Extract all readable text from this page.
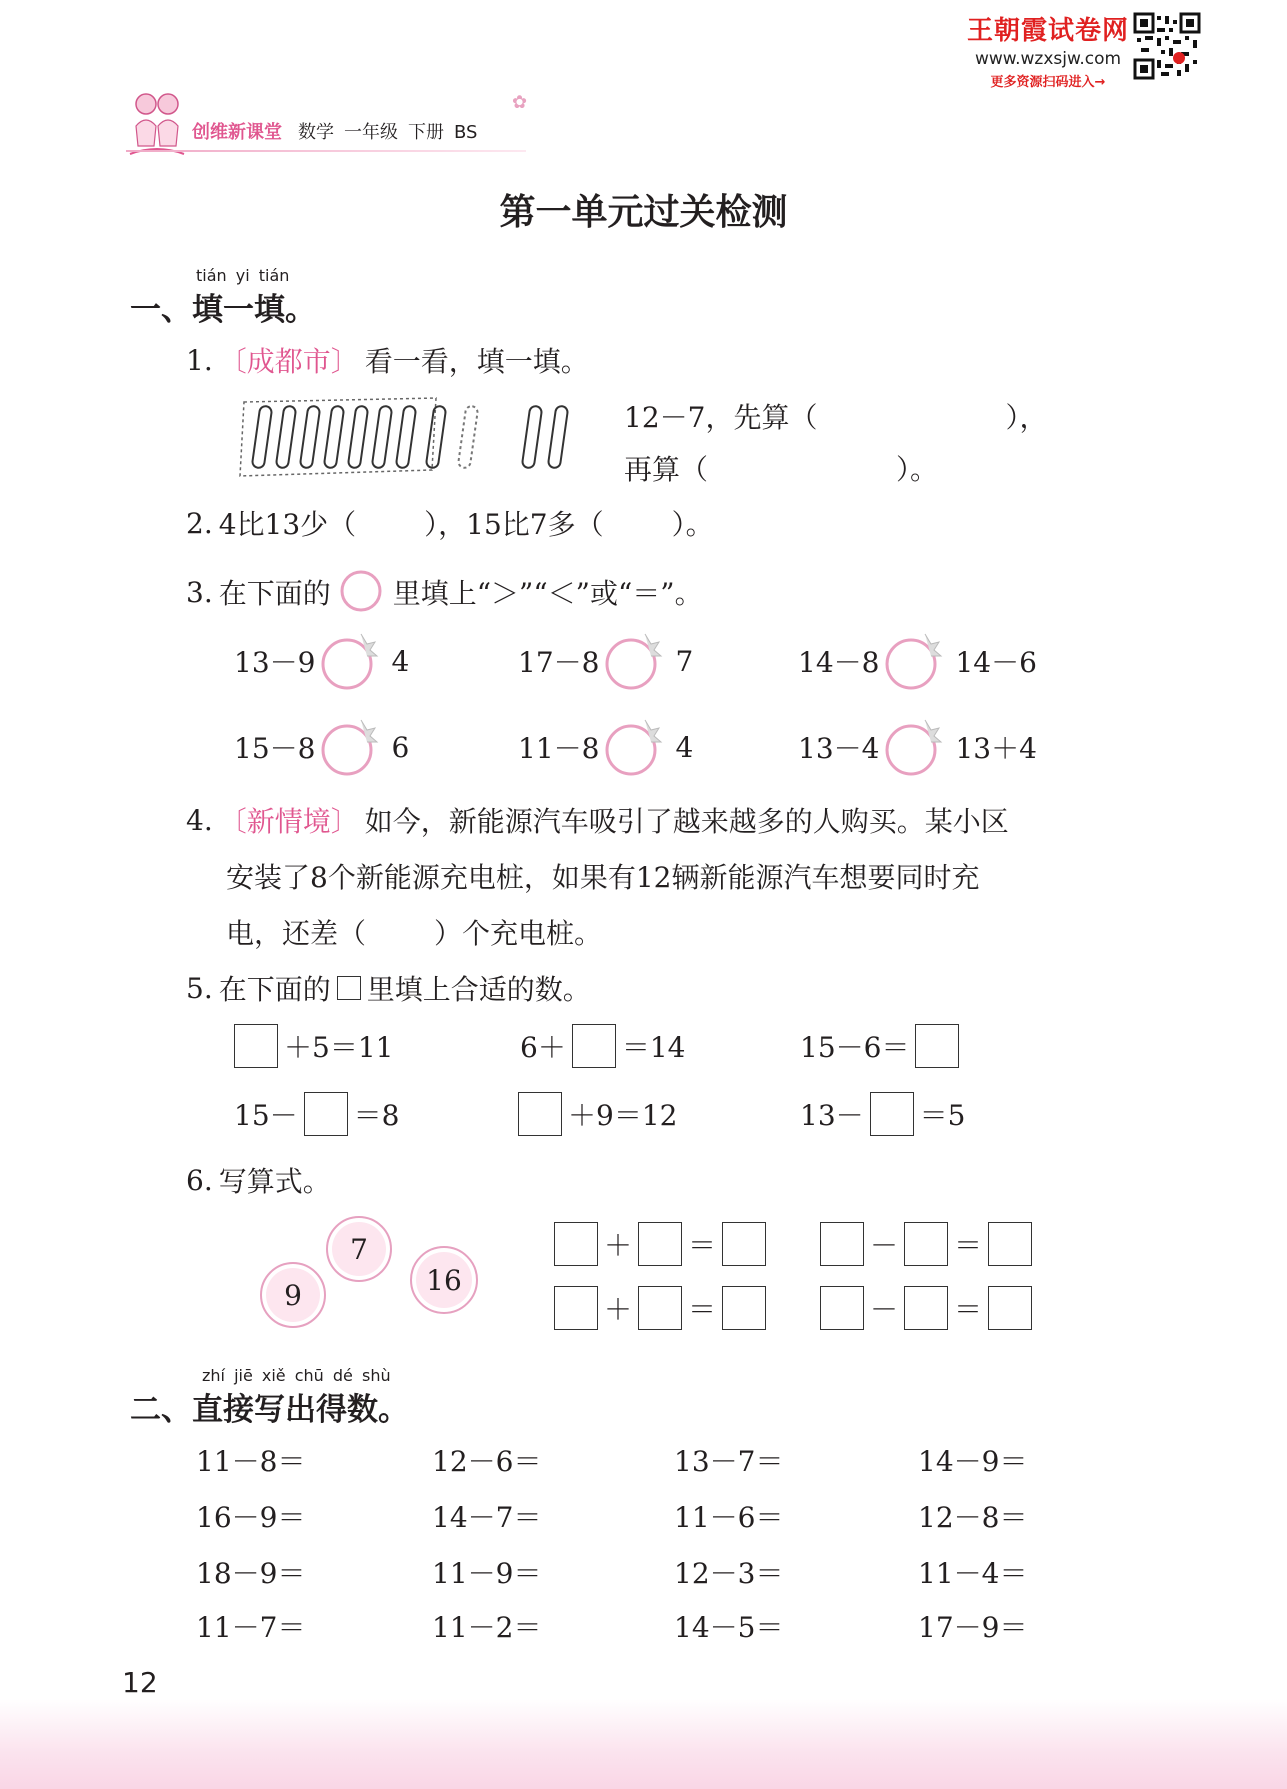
王朝霞试卷网
www.wzxsjw.com
更多资源扫码进入→
创维新课堂 数学 一年级 下册 BS
✿
第一单元过关检测
tián yi tián
一、填一填。
1. 〔成都市〕 看一看，填一填。
12－7，先算（	），
再算（	）。
2. 4比13少（ ），15比7多（ ）。
3. 在下面的 里填上“＞”“＜”或“＝”。
13－9	4	17－8	7	14－8	14－6
15－8	6	11－8	4	13－4	13＋4
4. 〔新情境〕 如今，新能源汽车吸引了越来越多的人购买。某小区
安装了8个新能源充电桩，如果有12辆新能源汽车想要同时充
电，还差（ ）个充电桩。
5. 在下面的 里填上合适的数。
＋5＝11	6＋ ＝14	15－6＝
15－ ＝8	＋9＝12	13－ ＝5
6. 写算式。
7
9	16
＋ ＝	－ ＝
＋ ＝	－ ＝
zhí jiē xiě chū dé shù
二、直接写出得数。
11－8＝	12－6＝	13－7＝	14－9＝
16－9＝	14－7＝	11－6＝	12－8＝
18－9＝	11－9＝	12－3＝	11－4＝
11－7＝	11－2＝	14－5＝	17－9＝
12
